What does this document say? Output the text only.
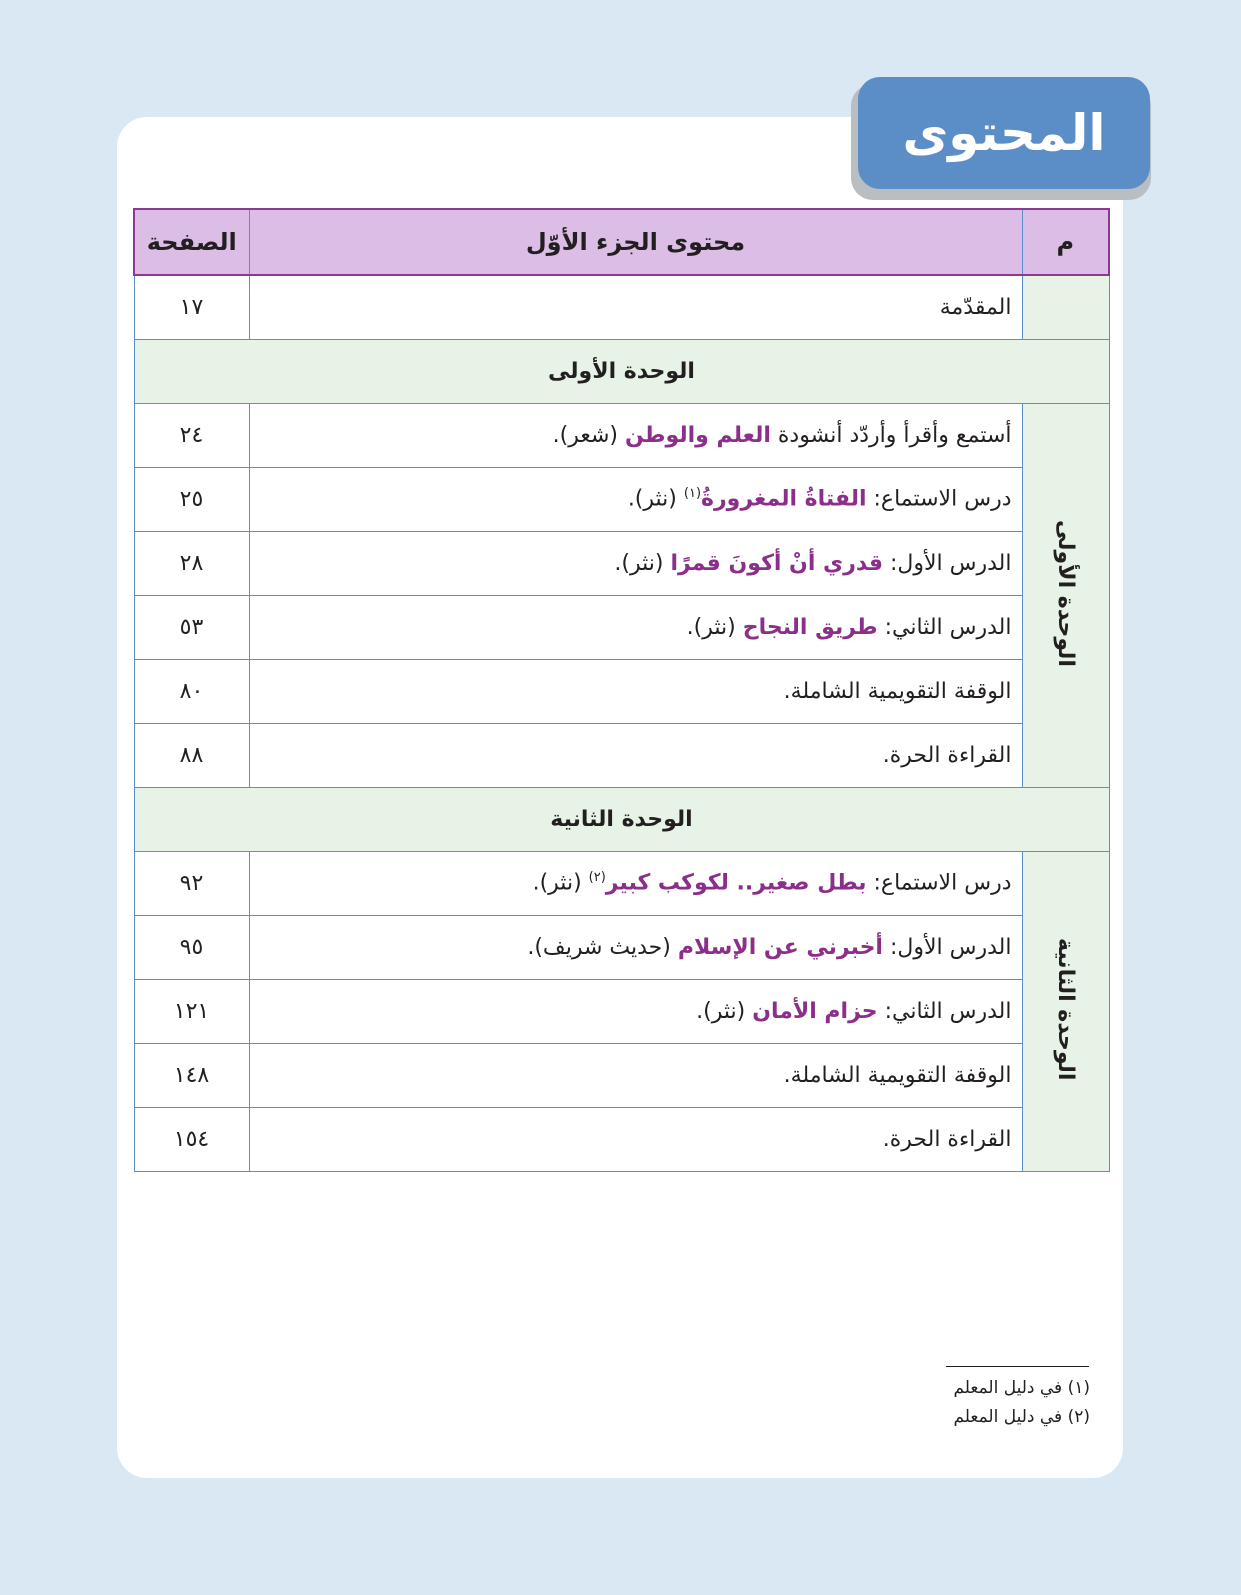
المحتوى
الصفحة	محتوى الجزء الأوّل	م
١٧	المقدّمة	
الوحدة الأولى		
٢٤	أستمع وأقرأ وأردّد أنشودة العلم والوطن (شعر).	الوحدة الأولى
٢٥	درس الاستماع: الفتاةُ المغرورةُ$^{(١)}$ (نثر).	
٢٨	الدرس الأول: قدري أنْ أكونَ قمرًا (نثر).	
٥٣	الدرس الثاني: طريق النجاح (نثر).	
٨٠	الوقفة التقويمية الشاملة.	
٨٨	القراءة الحرة.	
الوحدة الثانية		
٩٢	درس الاستماع: بطل صغير.. لكوكب كبير$^{(٢)}$ (نثر).	الوحدة الثانية
٩٥	الدرس الأول: أخبرني عن الإسلام (حديث شريف).	
١٢١	الدرس الثاني: حزام الأمان (نثر).	
١٤٨	الوقفة التقويمية الشاملة.	
١٥٤	القراءة الحرة.	
(١) في دليل المعلم
(٢) في دليل المعلم
